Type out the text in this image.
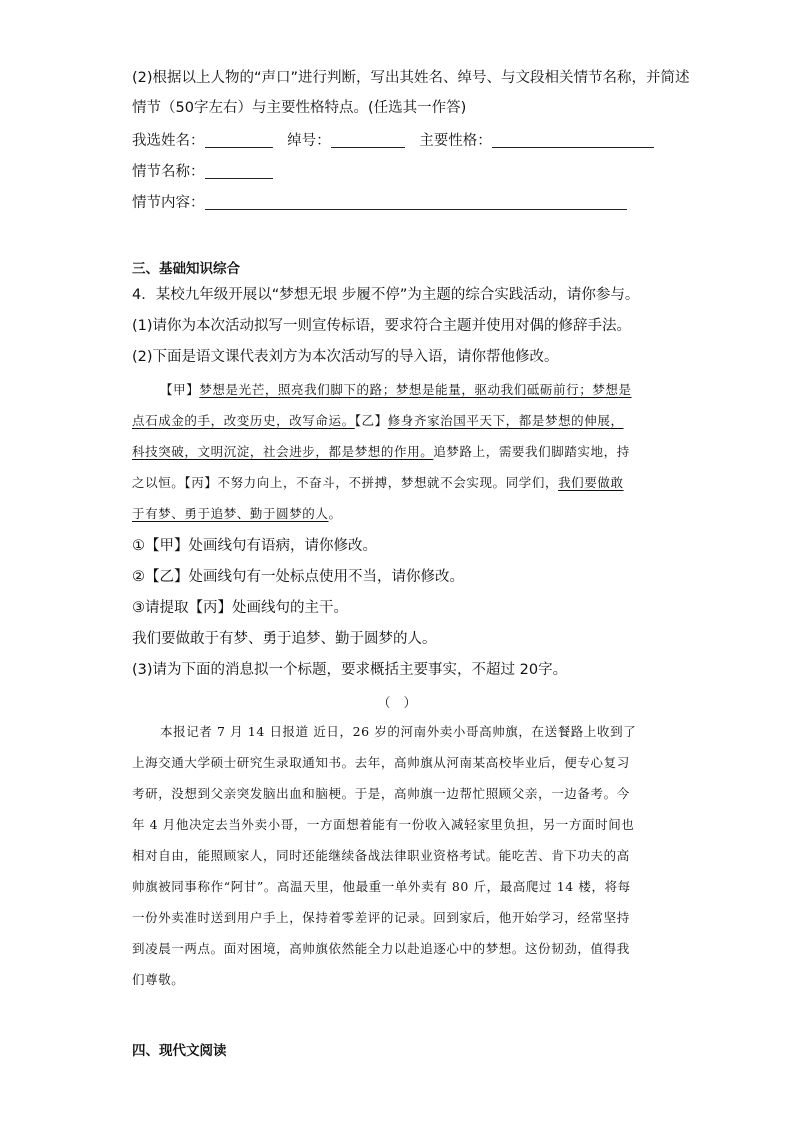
(2)根据以上人物的“声口”进行判断，写出其姓名、绰号、与文段相关情节名称，并简述
情节（50字左右）与主要性格特点。(任选其一作答)
我选姓名：	绰号：	主要性格：
情节名称：
情节内容：
三、基础知识综合
4．某校九年级开展以“梦想无垠 步履不停”为主题的综合实践活动，请你参与。
(1)请你为本次活动拟写一则宣传标语，要求符合主题并使用对偶的修辞手法。
(2)下面是语文课代表刘方为本次活动写的导入语，请你帮他修改。
【甲】梦想是光芒，照亮我们脚下的路；梦想是能量，驱动我们砥砺前行；梦想是
点石成金的手，改变历史，改写命运。【乙】修身齐家治国平天下，都是梦想的伸展，
科技突破，文明沉淀，社会进步，都是梦想的作用。追梦路上，需要我们脚踏实地，持
之以恒。【丙】不努力向上，不奋斗，不拼搏，梦想就不会实现。同学们，我们要做敢
于有梦、勇于追梦、勤于圆梦的人。
①【甲】处画线句有语病，请你修改。
②【乙】处画线句有一处标点使用不当，请你修改。
③请提取【丙】处画线句的主干。
我们要做敢于有梦、勇于追梦、勤于圆梦的人。
(3)请为下面的消息拟一个标题，要求概括主要事实，不超过 20字。
（　）
本报记者 7 月 14 日报道 近日，26 岁的河南外卖小哥高帅旗，在送餐路上收到了
上海交通大学硕士研究生录取通知书。去年，高帅旗从河南某高校毕业后，便专心复习
考研，没想到父亲突发脑出血和脑梗。于是，高帅旗一边帮忙照顾父亲，一边备考。今
年 4 月他决定去当外卖小哥，一方面想着能有一份收入减轻家里负担，另一方面时间也
相对自由，能照顾家人，同时还能继续备战法律职业资格考试。能吃苦、肯下功夫的高
帅旗被同事称作“阿甘”。高温天里，他最重一单外卖有 80 斤，最高爬过 14 楼，将每
一份外卖准时送到用户手上，保持着零差评的记录。回到家后，他开始学习，经常坚持
到凌晨一两点。面对困境，高帅旗依然能全力以赴追逐心中的梦想。这份韧劲，值得我
们尊敬。
四、现代文阅读
